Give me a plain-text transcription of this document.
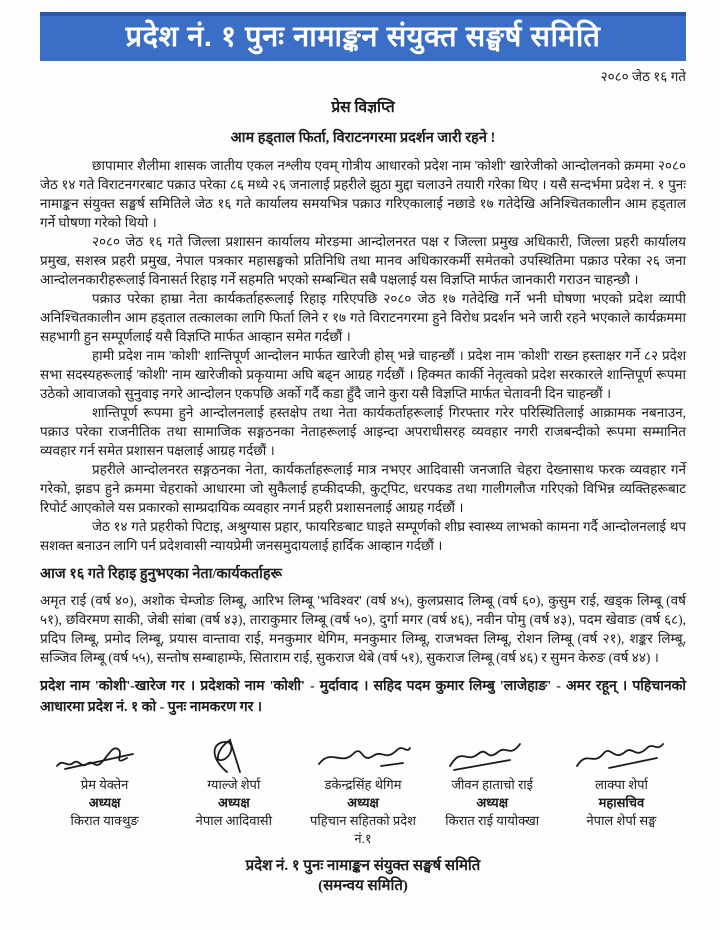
प्रदेश नं. १ पुनः नामाङ्कन संयुक्त सङ्घर्ष समिति
२०८० जेठ १६ गते
प्रेस विज्ञप्ति
आम हड्ताल फिर्ता, विराटनगरमा प्रदर्शन जारी रहने !

छापामार शैलीमा शासक जातीय एकल नश्लीय एवम् गोत्रीय आधारको प्रदेश नाम 'कोशी' खारेजीको आन्दोलनको क्रममा २०८० जेठ १४ गते विराटनगरबाट पक्राउ परेका ८६ मध्ये २६ जनालाई प्रहरीले झुठा मुद्दा चलाउने तयारी गरेका थिए । यसै सन्दर्भमा प्रदेश नं. १ पुनः नामाङ्कन संयुक्त सङ्घर्ष समितिले जेठ १६ गते कार्यालय समयभित्र पक्राउ गरिएकालाई नछाडे १७ गतेदेखि अनिश्चितकालीन आम हड्ताल गर्ने घोषणा गरेको थियो ।

२०८० जेठ १६ गते जिल्ला प्रशासन कार्यालय मोरङमा आन्दोलनरत पक्ष र जिल्ला प्रमुख अधिकारी, जिल्ला प्रहरी कार्यालय प्रमुख, सशस्त्र प्रहरी प्रमुख, नेपाल पत्रकार महासङ्घको प्रतिनिधि तथा मानव अधिकारकर्मी समेतको उपस्थितिमा पक्राउ परेका २६ जना आन्दोलनकारीहरूलाई विनासर्त रिहाइ गर्ने सहमति भएको सम्बन्धित सबै पक्षलाई यस विज्ञप्ति मार्फत जानकारी गराउन चाहन्छौ ।

पक्राउ परेका हाम्रा नेता कार्यकर्ताहरूलाई रिहाइ गरिएपछि २०८० जेठ १७ गतेदेखि गर्ने भनी घोषणा भएको प्रदेश व्यापी अनिश्चितकालीन आम हड्ताल तत्कालका लागि फिर्ता लिने र १७ गते विराटनगरमा हुने विरोध प्रदर्शन भने जारी रहने भएकाले कार्यक्रममा सहभागी हुन सम्पूर्णलाई यसै विज्ञप्ति मार्फत आव्हान समेत गर्दछौं ।

हामी प्रदेश नाम 'कोशी' शान्तिपूर्ण आन्दोलन मार्फत खारेजी होस् भन्ने चाहन्छौं । प्रदेश नाम 'कोशी' राख्न हस्ताक्षर गर्ने ८२ प्रदेश सभा सदस्यहरूलाई 'कोशी' नाम खारेजीको प्रकृयामा अघि बढ्न आग्रह गर्दछौं । हिक्मत कार्की नेतृत्वको प्रदेश सरकारले शान्तिपूर्ण रूपमा उठेको आवाजको सुनुवाइ नगरे आन्दोलन एकपछि अर्को गर्दै कडा हुँदै जाने कुरा यसै विज्ञप्ति मार्फत चेतावनी दिन चाहन्छौं ।

शान्तिपूर्ण रूपमा हुने आन्दोलनलाई हस्तक्षेप तथा नेता कार्यकर्ताहरूलाई गिरफ्तार गरेर परिस्थितिलाई आक्रामक नबनाउन, पक्राउ परेका राजनीतिक तथा सामाजिक सङ्गठनका नेताहरूलाई आइन्दा अपराधीसरह व्यवहार नगरी राजबन्दीको रूपमा सम्मानित व्यवहार गर्न समेत प्रशासन पक्षलाई आग्रह गर्दछौं ।

प्रहरीले आन्दोलनरत सङ्गठनका नेता, कार्यकर्ताहरूलाई मात्र नभएर आदिवासी जनजाति चेहरा देख्नासाथ फरक व्यवहार गर्ने गरेको, झडप हुने क्रममा चेहराको आधारमा जो सुकैलाई हप्कीदप्की, कुट्पिट, धरपकड तथा गालीगलौज गरिएको विभिन्न व्यक्तिहरूबाट रिपोर्ट आएकोले यस प्रकारको साम्प्रदायिक व्यवहार नगर्न प्रहरी प्रशासनलाई आग्रह गर्दछौं ।

जेठ १४ गते प्रहरीको पिटाइ, अश्रुग्यास प्रहार, फायरिङबाट घाइते सम्पूर्णको शीघ्र स्वास्थ्य लाभको कामना गर्दै आन्दोलनलाई थप सशक्त बनाउन लागि पर्न प्रदेशवासी न्यायप्रेमी जनसमुदायलाई हार्दिक आव्हान गर्दछौं ।

आज १६ गते रिहाइ हुनुभएका नेता/कार्यकर्ताहरू
अमृत राई (वर्ष ४०), अशोक चेम्जोङ लिम्बू, आरिभ लिम्बू 'भविश्वर' (वर्ष ४५), कुलप्रसाद लिम्बू (वर्ष ६०), कुसुम राई, खड्क लिम्बू (वर्ष ५१), छविरमण साकी, जेबी सांबा (वर्ष ४३), ताराकुमार लिम्बू (वर्ष ५०), दुर्गा मगर (वर्ष ४६), नवीन पोमु (वर्ष ४३), पदम खेवाङ (वर्ष ६८), प्रदिप लिम्बू, प्रमोद लिम्बू, प्रयास वान्तावा राई, मनकुमार थेगिम, मनकुमार लिम्बू, राजभक्त लिम्बू, रोशन लिम्बू (वर्ष २१), शङ्कर लिम्बू, सञ्जिव लिम्बू (वर्ष ५५), सन्तोष सम्बाहाम्फे, सिताराम राई, सुकराज थेबे (वर्ष ५१), सुकराज लिम्बू (वर्ष ४६) र सुमन केरुङ (वर्ष ४४) ।
प्रदेश नाम 'कोशी'-खारेज गर । प्रदेशको नाम 'कोशी' - मुर्दावाद । सहिद पदम कुमार लिम्बु 'लाजेहाङ' - अमर रहून् । पहिचानको आधारमा प्रदेश नं. १ को - पुनः नामकरण गर ।
प्रेम येक्तेन
अध्यक्ष
किरात याक्थुङ
ग्याल्जे शेर्पा
अध्यक्ष
नेपाल आदिवासी
डकेन्द्रसिंह थेगिम
अध्यक्ष
पहिचान सहितको प्रदेश नं.१
जीवन हाताचो राई
अध्यक्ष
किरात राई यायोक्खा
लाक्पा शेर्पा
महासचिव
नेपाल शेर्पा सङ्घ
प्रदेश नं. १ पुनः नामाङ्कन संयुक्त सङ्घर्ष समिति
(समन्वय समिति)
